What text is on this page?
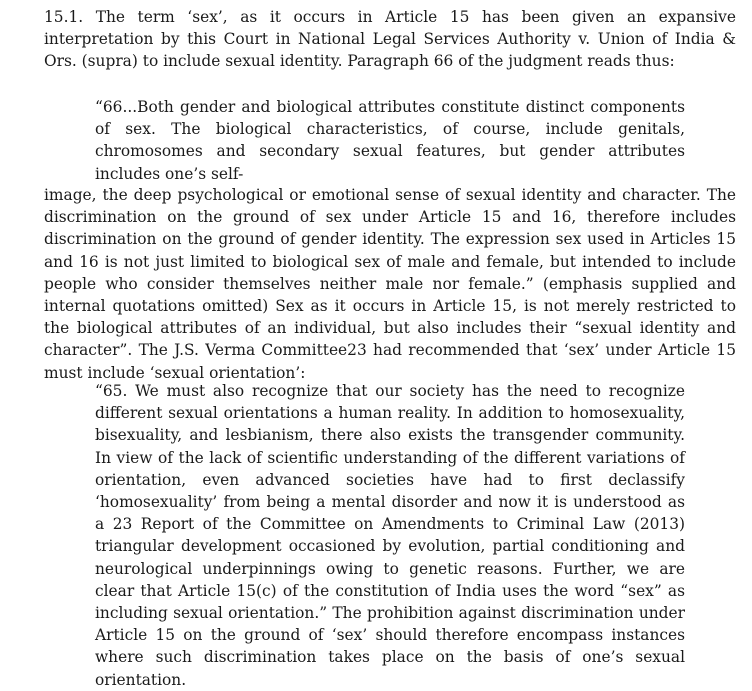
15.1. The term ‘sex’, as it occurs in Article 15 has been given an expansive interpretation by this Court in National Legal Services Authority v. Union of India & Ors. (supra) to include sexual identity. Paragraph 66 of the judgment reads thus:

“66...Both gender and biological attributes constitute distinct components of sex. The biological characteristics, of course, include genitals, chromosomes and secondary sexual features, but gender attributes includes one’s self-

image, the deep psychological or emotional sense of sexual identity and character. The discrimination on the ground of sex under Article 15 and 16, therefore includes discrimination on the ground of gender identity. The expression sex used in Articles 15 and 16 is not just limited to biological sex of male and female, but intended to include people who consider themselves neither male nor female.” (emphasis supplied and internal quotations omitted) Sex as it occurs in Article 15, is not merely restricted to the biological attributes of an individual, but also includes their “sexual identity and character”. The J.S. Verma Committee23 had recommended that ‘sex’ under Article 15 must include ‘sexual orientation’:

“65. We must also recognize that our society has the need to recognize different sexual orientations a human reality. In addition to homosexuality, bisexuality, and lesbianism, there also exists the transgender community. In view of the lack of scientific understanding of the different variations of orientation, even advanced societies have had to first declassify ‘homosexuality’ from being a mental disorder and now it is understood as a 23 Report of the Committee on Amendments to Criminal Law (2013) triangular development occasioned by evolution, partial conditioning and neurological underpinnings owing to genetic reasons. Further, we are clear that Article 15(c) of the constitution of India uses the word “sex” as including sexual orientation.” The prohibition against discrimination under Article 15 on the ground of ‘sex’ should therefore encompass instances where such discrimination takes place on the basis of one’s sexual orientation.
